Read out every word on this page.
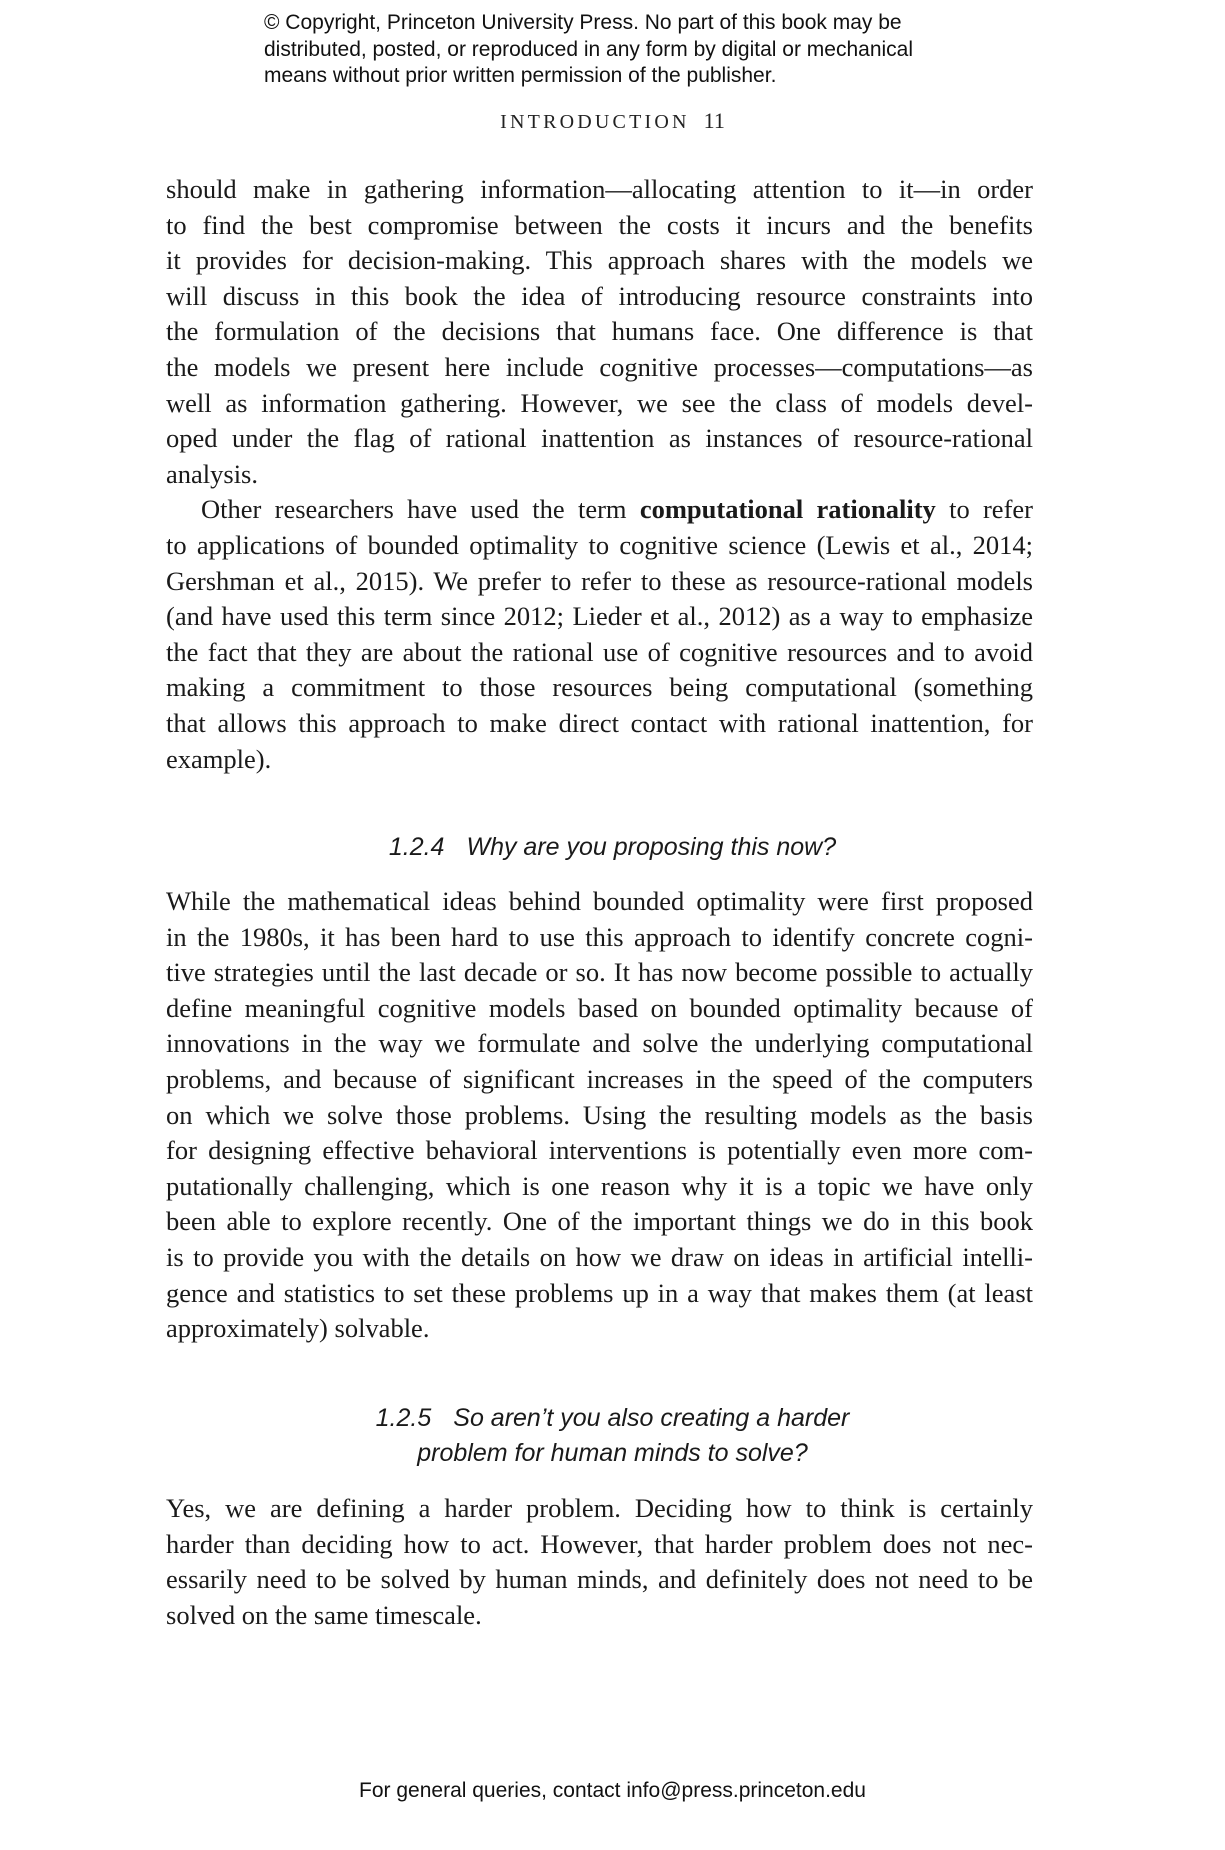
© Copyright, Princeton University Press. No part of this book may be
distributed, posted, or reproduced in any form by digital or mechanical
means without prior written permission of the publisher.
INTRODUCTION 11
should make in gathering information—allocating attention to it—in order
to find the best compromise between the costs it incurs and the benefits
it provides for decision-making. This approach shares with the models we
will discuss in this book the idea of introducing resource constraints into
the formulation of the decisions that humans face. One difference is that
the models we present here include cognitive processes—computations—as
well as information gathering. However, we see the class of models devel-
oped under the flag of rational inattention as instances of resource-rational
analysis.
Other researchers have used the term computational rationality to refer
to applications of bounded optimality to cognitive science (Lewis et al., 2014;
Gershman et al., 2015). We prefer to refer to these as resource-rational models
(and have used this term since 2012; Lieder et al., 2012) as a way to emphasize
the fact that they are about the rational use of cognitive resources and to avoid
making a commitment to those resources being computational (something
that allows this approach to make direct contact with rational inattention, for
example).
1.2.4 Why are you proposing this now?
While the mathematical ideas behind bounded optimality were first proposed
in the 1980s, it has been hard to use this approach to identify concrete cogni-
tive strategies until the last decade or so. It has now become possible to actually
define meaningful cognitive models based on bounded optimality because of
innovations in the way we formulate and solve the underlying computational
problems, and because of significant increases in the speed of the computers
on which we solve those problems. Using the resulting models as the basis
for designing effective behavioral interventions is potentially even more com-
putationally challenging, which is one reason why it is a topic we have only
been able to explore recently. One of the important things we do in this book
is to provide you with the details on how we draw on ideas in artificial intelli-
gence and statistics to set these problems up in a way that makes them (at least
approximately) solvable.
1.2.5 So aren’t you also creating a harder
problem for human minds to solve?
Yes, we are defining a harder problem. Deciding how to think is certainly
harder than deciding how to act. However, that harder problem does not nec-
essarily need to be solved by human minds, and definitely does not need to be
solved on the same timescale.
For general queries, contact info@press.princeton.edu
